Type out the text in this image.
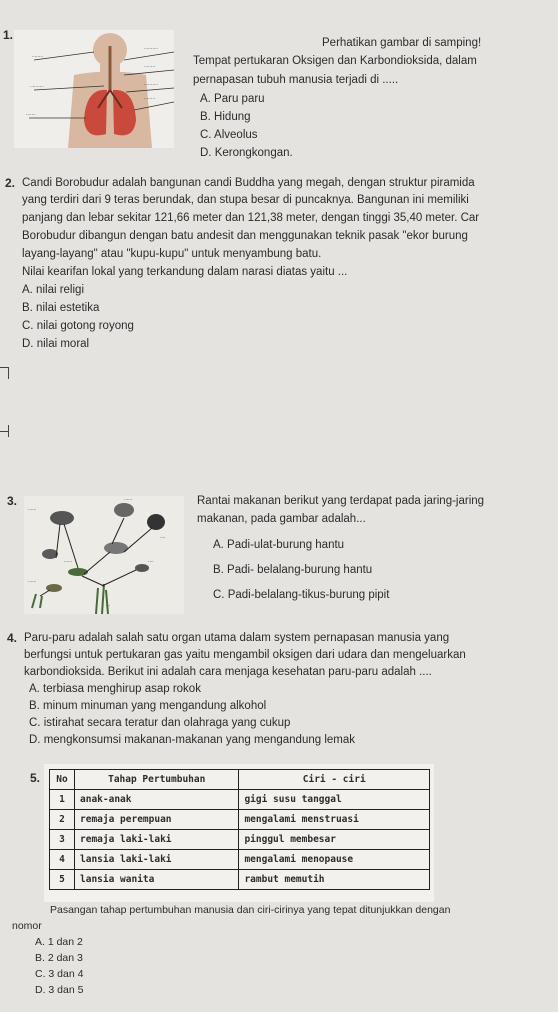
1.
........
..........
..........
........
..........
........
.......
Perhatikan gambar di samping!
Tempat pertukaran Oksigen dan Karbondioksida, dalam
pernapasan tubuh manusia terjadi di .....
A. Paru paru
B. Hidung
C. Alveolus
D. Kerongkongan.
2. Candi Borobudur adalah bangunan candi Buddha yang megah, dengan struktur piramida
yang terdiri dari 9 teras berundak, dan stupa besar di puncaknya. Bangunan ini memiliki
panjang dan lebar sekitar 121,66 meter dan 121,38 meter, dengan tinggi 35,40 meter. Car
Borobudur dibangun dengan batu andesit dan menggunakan teknik pasak "ekor burung
layang-layang" atau "kupu-kupu" untuk menyambung batu.
Nilai kearifan lokal yang terkandung dalam narasi diatas yaitu ...
A. nilai religi
B. nilai estetika
C. nilai gotong royong
D. nilai moral
3.
......
......
....
......	....
......
...
Rantai makanan berikut yang terdapat pada jaring-jaring
makanan, pada gambar adalah...
A. Padi-ulat-burung hantu
B. Padi- belalang-burung hantu
C. Padi-belalang-tikus-burung pipit
4. Paru-paru adalah salah satu organ utama dalam system pernapasan manusia yang
berfungsi untuk pertukaran gas yaitu mengambil oksigen dari udara dan mengeluarkan
karbondioksida. Berikut ini adalah cara menjaga kesehatan paru-paru adalah ....
A. terbiasa menghirup asap rokok
B. minum minuman yang mengandung alkohol
C. istirahat secara teratur dan olahraga yang cukup
D. mengkonsumsi makanan-makanan yang mengandung lemak
5. No	Tahap Pertumbuhan	Ciri - ciri
1	anak-anak	gigi susu tanggal
2	remaja perempuan	mengalami menstruasi
3	remaja laki-laki	pinggul membesar
4	lansia laki-laki	mengalami menopause
5	lansia wanita	rambut memutih
Pasangan tahap pertumbuhan manusia dan ciri-cirinya yang tepat ditunjukkan dengan
nomor
A. 1 dan 2
B. 2 dan 3
C. 3 dan 4
D. 3 dan 5
